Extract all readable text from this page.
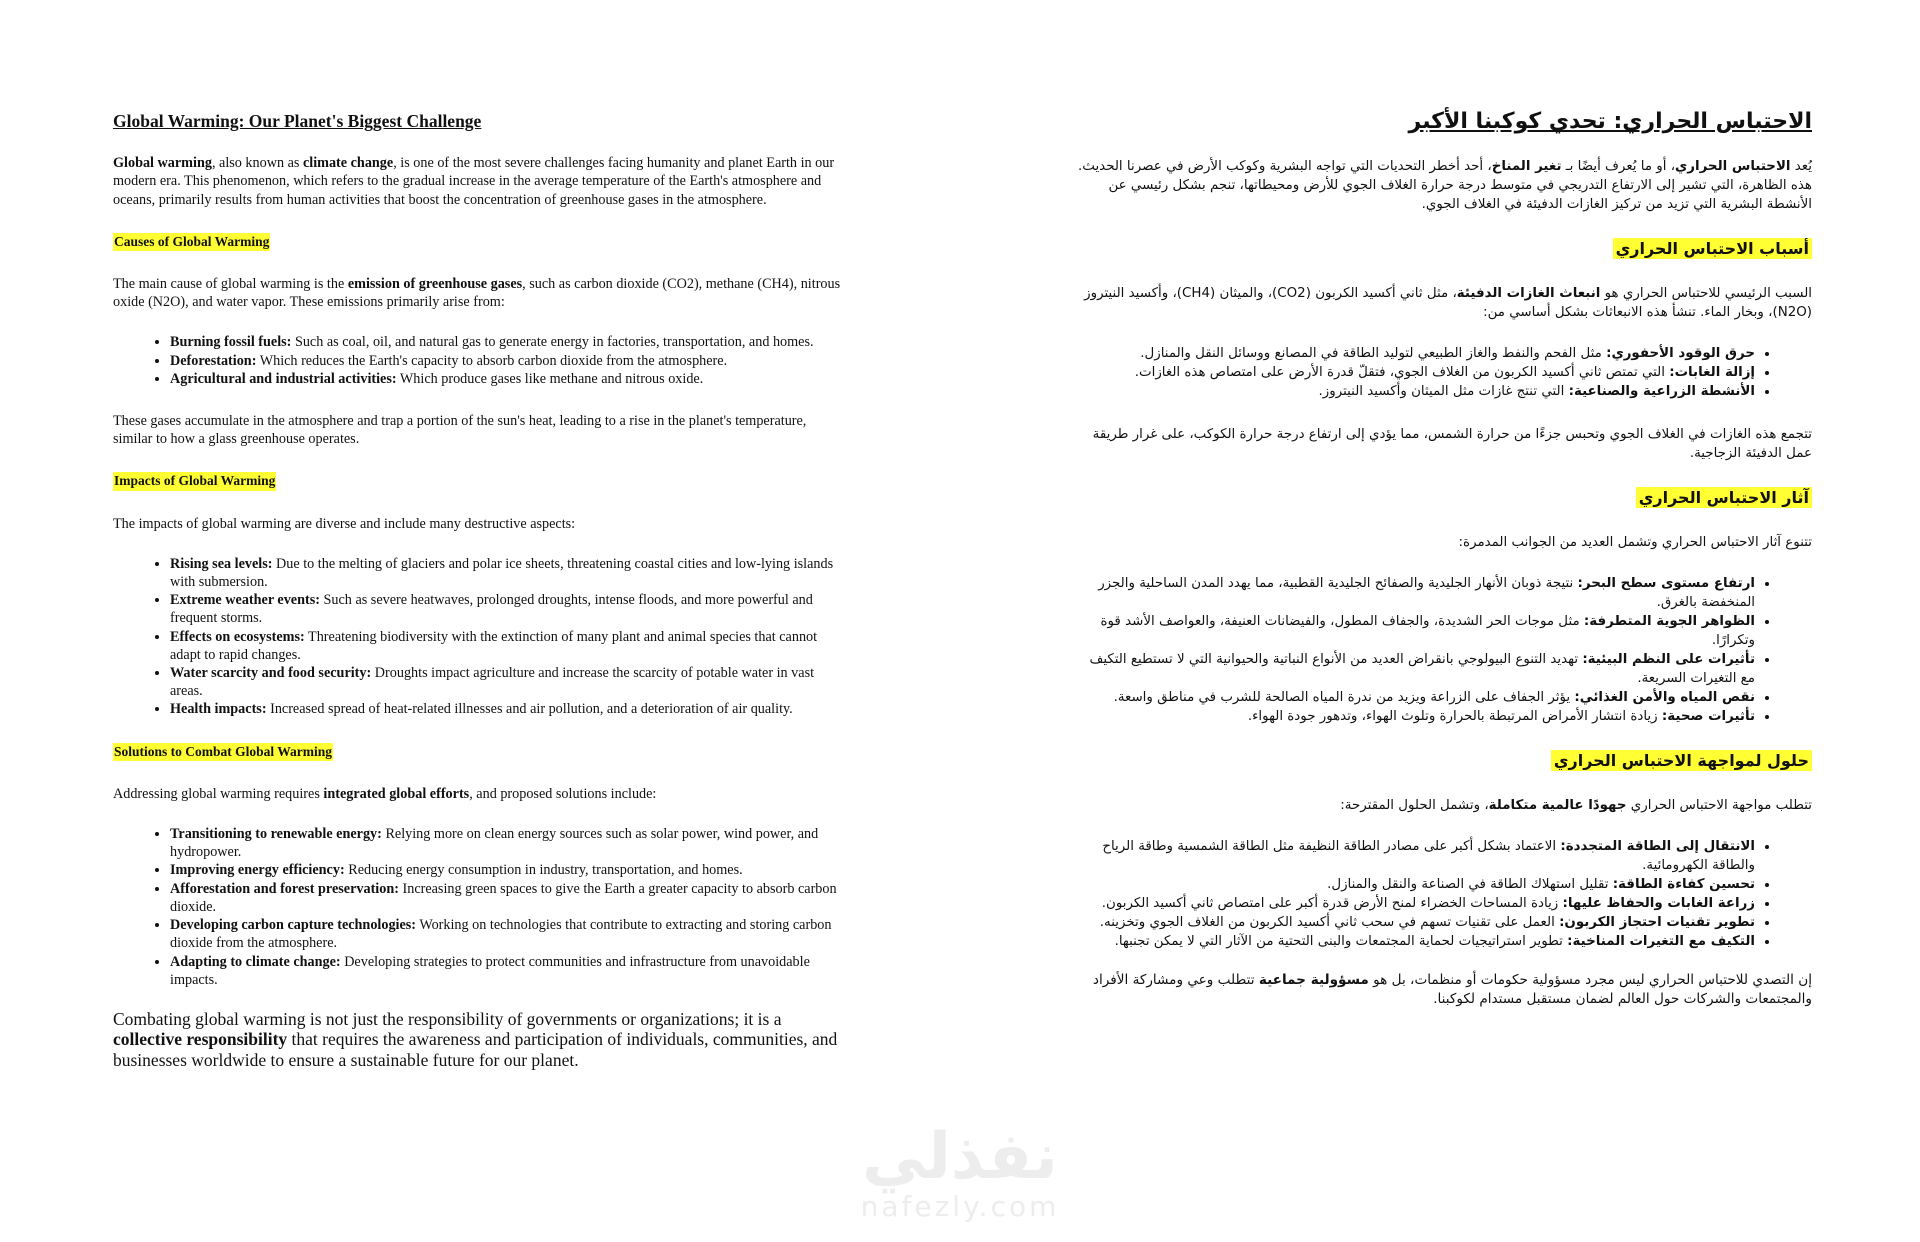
Global Warming: Our Planet's Biggest Challenge

Global warming, also known as climate change, is one of the most severe challenges facing humanity and planet Earth in our modern era. This phenomenon, which refers to the gradual increase in the average temperature of the Earth's atmosphere and oceans, primarily results from human activities that boost the concentration of greenhouse gases in the atmosphere.

Causes of Global Warming

The main cause of global warming is the emission of greenhouse gases, such as carbon dioxide (CO2), methane (CH4), nitrous oxide (N2O), and water vapor. These emissions primarily arise from:

• Burning fossil fuels: Such as coal, oil, and natural gas to generate energy in factories, transportation, and homes.
• Deforestation: Which reduces the Earth's capacity to absorb carbon dioxide from the atmosphere.
• Agricultural and industrial activities: Which produce gases like methane and nitrous oxide.

These gases accumulate in the atmosphere and trap a portion of the sun's heat, leading to a rise in the planet's temperature, similar to how a glass greenhouse operates.

Impacts of Global Warming

The impacts of global warming are diverse and include many destructive aspects:

• Rising sea levels: Due to the melting of glaciers and polar ice sheets, threatening coastal cities and low-lying islands with submersion.
• Extreme weather events: Such as severe heatwaves, prolonged droughts, intense floods, and more powerful and frequent storms.
• Effects on ecosystems: Threatening biodiversity with the extinction of many plant and animal species that cannot adapt to rapid changes.
• Water scarcity and food security: Droughts impact agriculture and increase the scarcity of potable water in vast areas.
• Health impacts: Increased spread of heat-related illnesses and air pollution, and a deterioration of air quality.
Solutions to Combat Global Warming

Addressing global warming requires integrated global efforts, and proposed solutions include:

• Transitioning to renewable energy: Relying more on clean energy sources such as solar power, wind power, and hydropower.
• Improving energy efficiency: Reducing energy consumption in industry, transportation, and homes.
• Afforestation and forest preservation: Increasing green spaces to give the Earth a greater capacity to absorb carbon dioxide.
• Developing carbon capture technologies: Working on technologies that contribute to extracting and storing carbon dioxide from the atmosphere.
• Adapting to climate change: Developing strategies to protect communities and infrastructure from unavoidable impacts.

Combating global warming is not just the responsibility of governments or organizations; it is a collective responsibility that requires the awareness and participation of individuals, communities, and businesses worldwide to ensure a sustainable future for our planet.

الاحتباس الحراري: تحدي كوكبنا الأكبر

يُعد الاحتباس الحراري، أو ما يُعرف أيضًا بـ تغير المناخ، أحد أخطر التحديات التي تواجه البشرية وكوكب الأرض في عصرنا الحديث. هذه الظاهرة، التي تشير إلى الارتفاع التدريجي في متوسط درجة حرارة الغلاف الجوي للأرض ومحيطاتها، تنجم بشكل رئيسي عن الأنشطة البشرية التي تزيد من تركيز الغازات الدفيئة في الغلاف الجوي.

أسباب الاحتباس الحراري

السبب الرئيسي للاحتباس الحراري هو انبعاث الغازات الدفيئة، مثل ثاني أكسيد الكربون (CO2)، والميثان (CH4)، وأكسيد النيتروز (N2O)، وبخار الماء. تنشأ هذه الانبعاثات بشكل أساسي من:

• حرق الوقود الأحفوري: مثل الفحم والنفط والغاز الطبيعي لتوليد الطاقة في المصانع ووسائل النقل والمنازل.
• إزالة الغابات: التي تمتص ثاني أكسيد الكربون من الغلاف الجوي، فتقلّ قدرة الأرض على امتصاص هذه الغازات.
• الأنشطة الزراعية والصناعية: التي تنتج غازات مثل الميثان وأكسيد النيتروز.

تتجمع هذه الغازات في الغلاف الجوي وتحبس جزءًا من حرارة الشمس، مما يؤدي إلى ارتفاع درجة حرارة الكوكب، على غرار طريقة عمل الدفيئة الزجاجية.

آثار الاحتباس الحراري

تتنوع آثار الاحتباس الحراري وتشمل العديد من الجوانب المدمرة:

• ارتفاع مستوى سطح البحر: نتيجة ذوبان الأنهار الجليدية والصفائح الجليدية القطبية، مما يهدد المدن الساحلية والجزر المنخفضة بالغرق.
• الظواهر الجوية المتطرفة: مثل موجات الحر الشديدة، والجفاف المطول، والفيضانات العنيفة، والعواصف الأشد قوة وتكرارًا.
• تأثيرات على النظم البيئية: تهديد التنوع البيولوجي بانقراض العديد من الأنواع النباتية والحيوانية التي لا تستطيع التكيف مع التغيرات السريعة.
• نقص المياه والأمن الغذائي: يؤثر الجفاف على الزراعة ويزيد من ندرة المياه الصالحة للشرب في مناطق واسعة.
• تأثيرات صحية: زيادة انتشار الأمراض المرتبطة بالحرارة وتلوث الهواء، وتدهور جودة الهواء.
حلول لمواجهة الاحتباس الحراري

تتطلب مواجهة الاحتباس الحراري جهودًا عالمية متكاملة، وتشمل الحلول المقترحة:

• الانتقال إلى الطاقة المتجددة: الاعتماد بشكل أكبر على مصادر الطاقة النظيفة مثل الطاقة الشمسية وطاقة الرياح والطاقة الكهرومائية.
• تحسين كفاءة الطاقة: تقليل استهلاك الطاقة في الصناعة والنقل والمنازل.
• زراعة الغابات والحفاظ عليها: زيادة المساحات الخضراء لمنح الأرض قدرة أكبر على امتصاص ثاني أكسيد الكربون.
• تطوير تقنيات احتجاز الكربون: العمل على تقنيات تسهم في سحب ثاني أكسيد الكربون من الغلاف الجوي وتخزينه.
• التكيف مع التغيرات المناخية: تطوير استراتيجيات لحماية المجتمعات والبنى التحتية من الآثار التي لا يمكن تجنبها.

إن التصدي للاحتباس الحراري ليس مجرد مسؤولية حكومات أو منظمات، بل هو مسؤولية جماعية تتطلب وعي ومشاركة الأفراد والمجتمعات والشركات حول العالم لضمان مستقبل مستدام لكوكبنا.

نفذلي
nafezly.com
